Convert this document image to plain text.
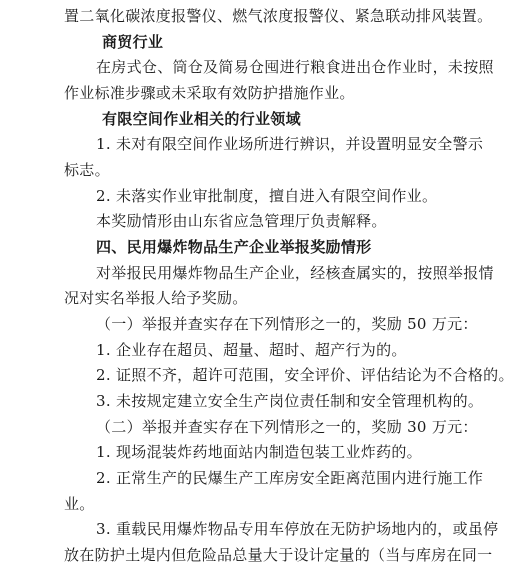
置二氧化碳浓度报警仪、燃气浓度报警仪、紧急联动排风装置。
商贸行业
在房式仓、筒仓及简易仓囤进行粮食进出仓作业时，未按照
作业标准步骤或未采取有效防护措施作业。
有限空间作业相关的行业领域
1. 未对有限空间作业场所进行辨识，并设置明显安全警示
标志。
2. 未落实作业审批制度，擅自进入有限空间作业。
本奖励情形由山东省应急管理厅负责解释。
四、民用爆炸物品生产企业举报奖励情形
对举报民用爆炸物品生产企业，经核查属实的，按照举报情
况对实名举报人给予奖励。
（一）举报并查实存在下列情形之一的，奖励 50 万元：
1. 企业存在超员、超量、超时、超产行为的。
2. 证照不齐，超许可范围，安全评价、评估结论为不合格的。
3. 未按规定建立安全生产岗位责任制和安全管理机构的。
（二）举报并查实存在下列情形之一的，奖励 30 万元：
1. 现场混装炸药地面站内制造包装工业炸药的。
2. 正常生产的民爆生产工库房安全距离范围内进行施工作
业。
3. 重载民用爆炸物品专用车停放在无防护场地内的，或虽停
放在防护土堤内但危险品总量大于设计定量的（当与库房在同一
